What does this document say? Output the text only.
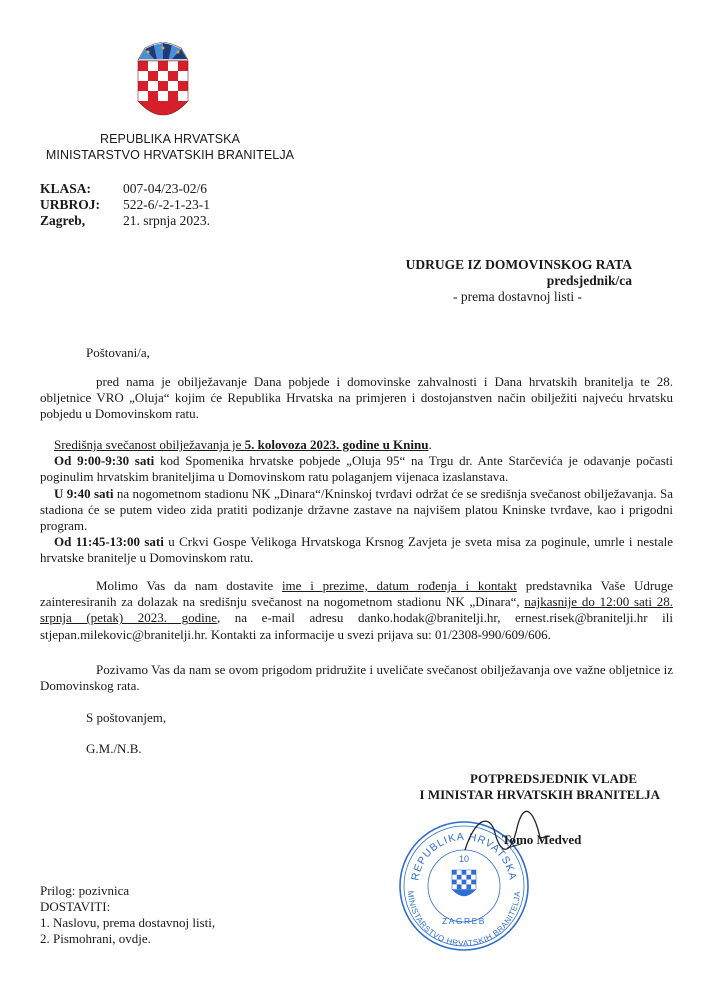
REPUBLIKA HRVATSKA
MINISTARSTVO HRVATSKIH BRANITELJA
KLASA: 007-04/23-02/6
URBROJ: 522-6/-2-1-23-1
Zagreb,	21. srpnja 2023.
UDRUGE IZ DOMOVINSKOG RATA
predsjednik/ca
- prema dostavnoj listi -
Poštovani/a,
pred nama je obilježavanje Dana pobjede i domovinske zahvalnosti i Dana hrvatskih branitelja te 28. obljetnice VRO „Oluja“ kojim će Republika Hrvatska na primjeren i dostojanstven način obilježiti najveću hrvatsku pobjedu u Domovinskom ratu.
Središnja svečanost obilježavanja je 5. kolovoza 2023. godine u Kninu.
Od 9:00-9:30 sati kod Spomenika hrvatske pobjede „Oluja 95“ na Trgu dr. Ante Starčevića je odavanje počasti poginulim hrvatskim braniteljima u Domovinskom ratu polaganjem vijenaca izaslanstava.
U 9:40 sati na nogometnom stadionu NK „Dinara“/Kninskoj tvrđavi održat će se središnja svečanost obilježavanja. Sa stadiona će se putem video zida pratiti podizanje državne zastave na najvišem platou Kninske tvrđave, kao i prigodni program.
Od 11:45-13:00 sati u Crkvi Gospe Velikoga Hrvatskoga Krsnog Zavjeta je sveta misa za poginule, umrle i nestale hrvatske branitelje u Domovinskom ratu.
Molimo Vas da nam dostavite ime i prezime, datum rođenja i kontakt predstavnika Vaše Udruge zainteresiranih za dolazak na središnju svečanost na nogometnom stadionu NK „Dinara“, najkasnije do 12:00 sati 28. srpnja (petak) 2023. godine, na e-mail adresu danko.hodak@branitelji.hr, ernest.risek@branitelji.hr ili stjepan.milekovic@branitelji.hr. Kontakti za informacije u svezi prijava su: 01/2308-990/609/606.
Pozivamo Vas da nam se ovom prigodom pridružite i uveličate svečanost obilježavanja ove važne obljetnice iz Domovinskog rata.
S poštovanjem,
G.M./N.B.
POTPREDSJEDNIK VLADE
I MINISTAR HRVATSKIH BRANITELJA
REPUBLIKA HRVATSKA
MINISTARSTVO HRVATSKIH BRANITELJA
10
ZAGREB
Tomo Medved
Prilog: pozivnica
DOSTAVITI:
1. Naslovu, prema dostavnoj listi,
2. Pismohrani, ovdje.
